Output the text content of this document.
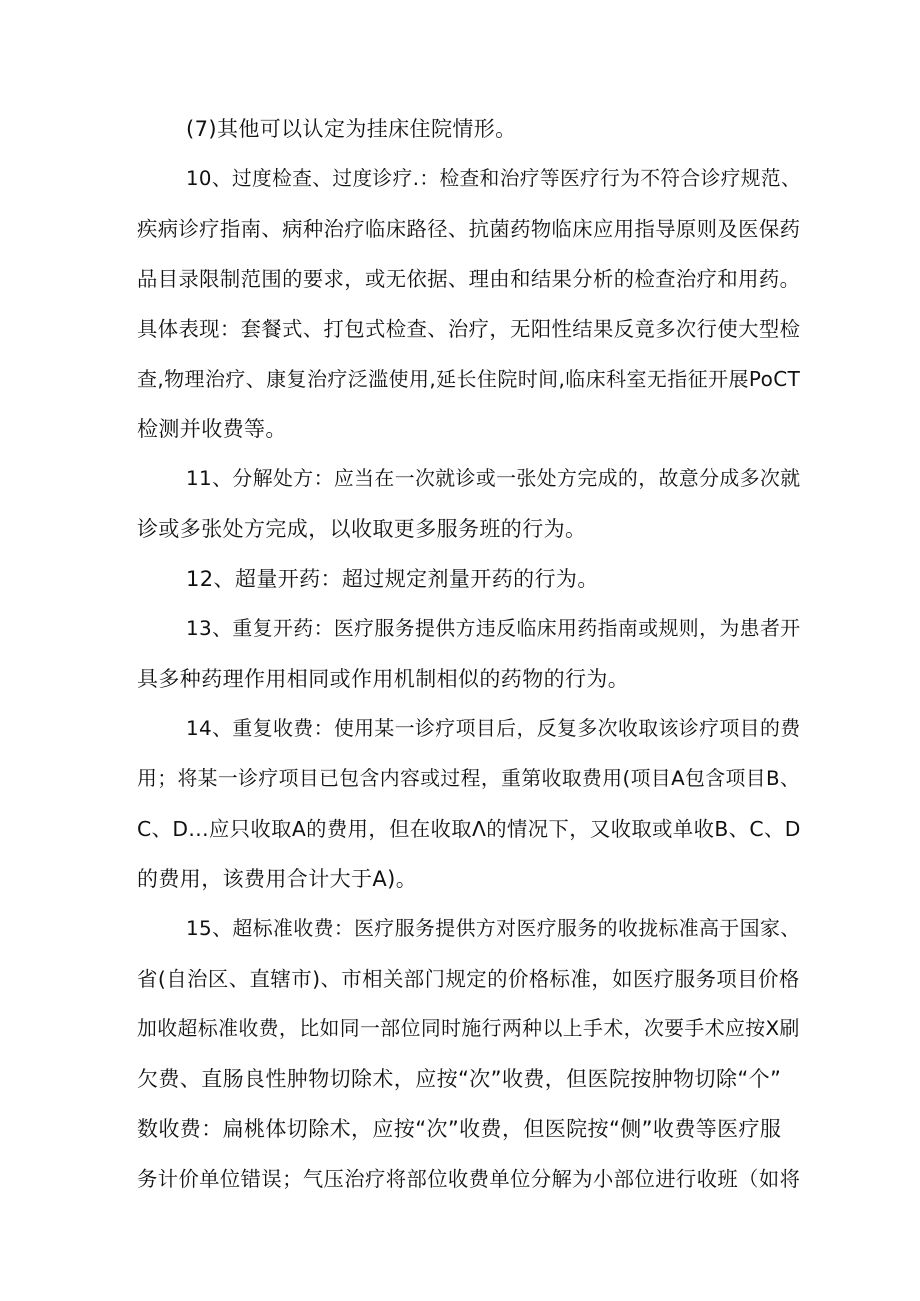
(7)其他可以认定为挂床住院情形。
10、过度检查、过度诊疗.：检查和治疗等医疗行为不符合诊疗规范、
疾病诊疗指南、病种治疗临床路径、抗菌药物临床应用指导原则及医保药
品目录限制范围的要求，或无依据、理由和结果分析的检查治疗和用药。
具体表现：套餐式、打包式检查、治疗，无阳性结果反竟多次行使大型检
查,物理治疗、康复治疗泛滥使用,延长住院时间,临床科室无指征开展PoCT
检测并收费等。
11、分解处方：应当在一次就诊或一张处方完成的，故意分成多次就
诊或多张处方完成，以收取更多服务班的行为。
12、超量开药：超过规定剂量开药的行为。
13、重复开药：医疗服务提供方违反临床用药指南或规则，为患者开
具多种药理作用相同或作用机制相似的药物的行为。
14、重复收费：使用某一诊疗项目后，反复多次收取该诊疗项目的费
用；将某一诊疗项目已包含内容或过程，重第收取费用(项目A包含项目B、
C、D...应只收取A的费用，但在收取Λ的情况下，又收取或单收B、C、D
的费用，该费用合计大于A)。
15、超标准收费：医疗服务提供方对医疗服务的收拢标准高于国家、
省(自治区、直辖市)、市相关部门规定的价格标准，如医疗服务项目价格
加收超标准收费，比如同一部位同时施行两种以上手术，次要手术应按X刷
欠费、直肠良性肿物切除术，应按“次”收费，但医院按肿物切除“个”
数收费：扁桃体切除术，应按“次”收费，但医院按“侧”收费等医疗服
务计价单位错误；气压治疗将部位收费单位分解为小部位进行收班（如将
